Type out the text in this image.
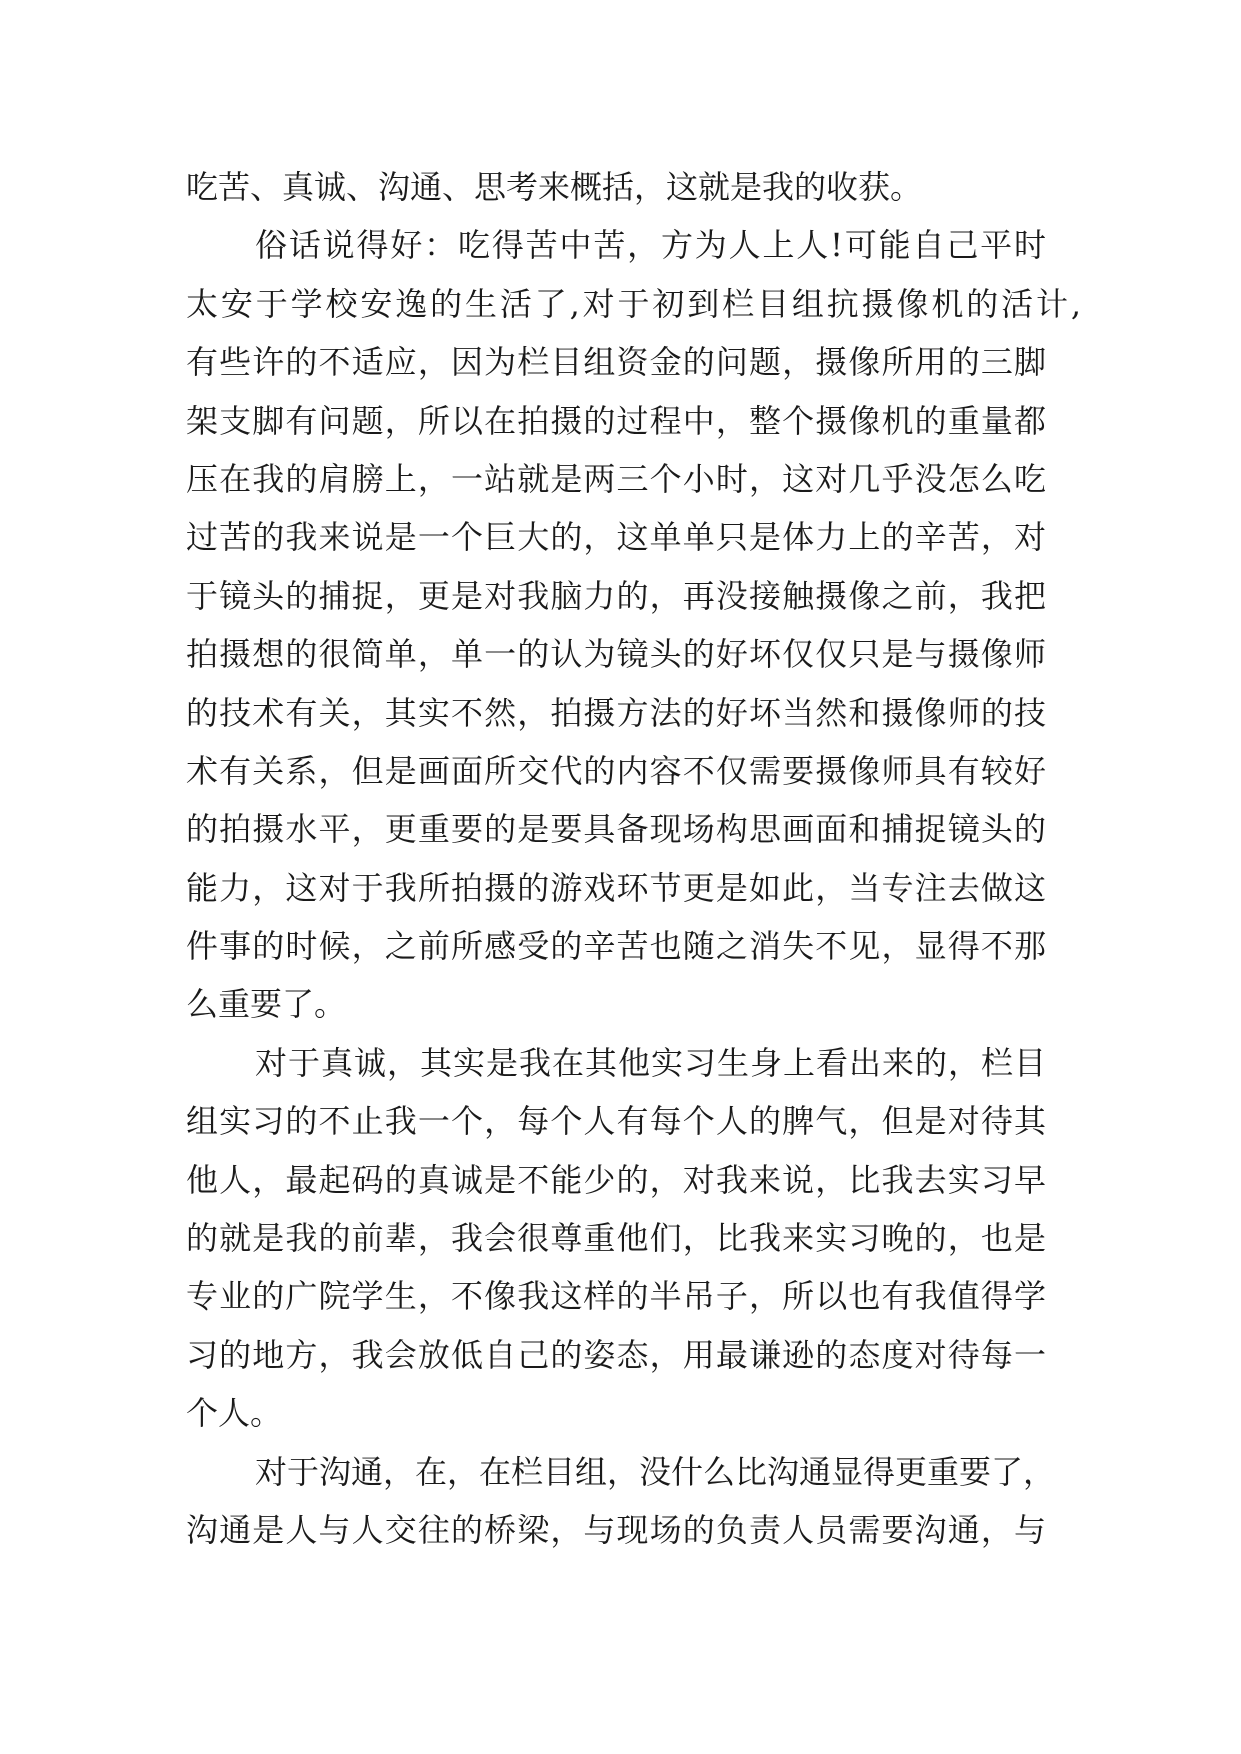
吃苦、真诚、沟通、思考来概括，这就是我的收获。
俗话说得好：吃得苦中苦，方为人上人!可能自己平时
太安于学校安逸的生活了,对于初到栏目组抗摄像机的活计,
有些许的不适应，因为栏目组资金的问题，摄像所用的三脚
架支脚有问题，所以在拍摄的过程中，整个摄像机的重量都
压在我的肩膀上，一站就是两三个小时，这对几乎没怎么吃
过苦的我来说是一个巨大的，这单单只是体力上的辛苦，对
于镜头的捕捉，更是对我脑力的，再没接触摄像之前，我把
拍摄想的很简单，单一的认为镜头的好坏仅仅只是与摄像师
的技术有关，其实不然，拍摄方法的好坏当然和摄像师的技
术有关系，但是画面所交代的内容不仅需要摄像师具有较好
的拍摄水平，更重要的是要具备现场构思画面和捕捉镜头的
能力，这对于我所拍摄的游戏环节更是如此，当专注去做这
件事的时候，之前所感受的辛苦也随之消失不见，显得不那
么重要了。
对于真诚，其实是我在其他实习生身上看出来的，栏目
组实习的不止我一个，每个人有每个人的脾气，但是对待其
他人，最起码的真诚是不能少的，对我来说，比我去实习早
的就是我的前辈，我会很尊重他们，比我来实习晚的，也是
专业的广院学生，不像我这样的半吊子，所以也有我值得学
习的地方，我会放低自己的姿态，用最谦逊的态度对待每一
个人。
对于沟通，在，在栏目组，没什么比沟通显得更重要了，
沟通是人与人交往的桥梁，与现场的负责人员需要沟通，与
